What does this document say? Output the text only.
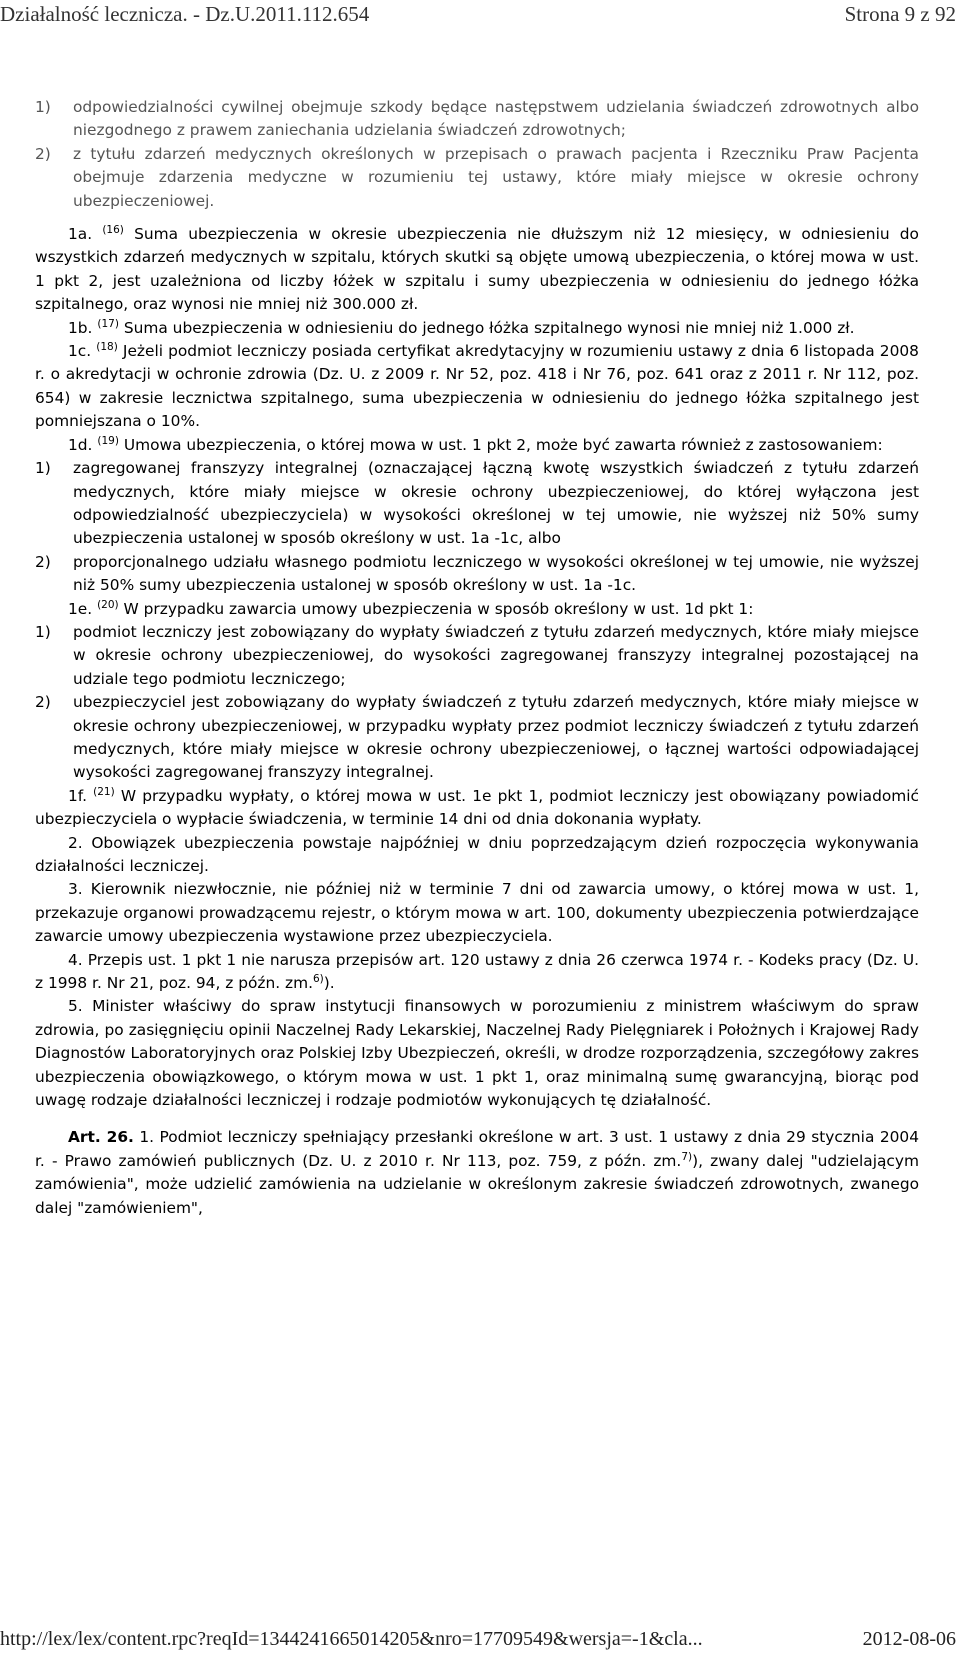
Działalność lecznicza. - Dz.U.2011.112.654	Strona 9 z 92
1)	odpowiedzialności cywilnej obejmuje szkody będące następstwem udzielania świadczeń zdrowotnych albo niezgodnego z prawem zaniechania udzielania świadczeń zdrowotnych;
2)	z tytułu zdarzeń medycznych określonych w przepisach o prawach pacjenta i Rzeczniku Praw Pacjenta obejmuje zdarzenia medyczne w rozumieniu tej ustawy, które miały miejsce w okresie ochrony ubezpieczeniowej.

1a. $^{(16)}$ Suma ubezpieczenia w okresie ubezpieczenia nie dłuższym niż 12 miesięcy, w odniesieniu do wszystkich zdarzeń medycznych w szpitalu, których skutki są objęte umową ubezpieczenia, o której mowa w ust. 1 pkt 2, jest uzależniona od liczby łóżek w szpitalu i sumy ubezpieczenia w odniesieniu do jednego łóżka szpitalnego, oraz wynosi nie mniej niż 300.000 zł.

1b. $^{(17)}$ Suma ubezpieczenia w odniesieniu do jednego łóżka szpitalnego wynosi nie mniej niż 1.000 zł.

1c. $^{(18)}$ Jeżeli podmiot leczniczy posiada certyfikat akredytacyjny w rozumieniu ustawy z dnia 6 listopada 2008 r. o akredytacji w ochronie zdrowia (Dz. U. z 2009 r. Nr 52, poz. 418 i Nr 76, poz. 641 oraz z 2011 r. Nr 112, poz. 654) w zakresie lecznictwa szpitalnego, suma ubezpieczenia w odniesieniu do jednego łóżka szpitalnego jest pomniejszana o 10%.

1d. $^{(19)}$ Umowa ubezpieczenia, o której mowa w ust. 1 pkt 2, może być zawarta również z zastosowaniem:

1)	zagregowanej franszyzy integralnej (oznaczającej łączną kwotę wszystkich świadczeń z tytułu zdarzeń medycznych, które miały miejsce w okresie ochrony ubezpieczeniowej, do której wyłączona jest odpowiedzialność ubezpieczyciela) w wysokości określonej w tej umowie, nie wyższej niż 50% sumy ubezpieczenia ustalonej w sposób określony w ust. 1a -1c, albo
2)	proporcjonalnego udziału własnego podmiotu leczniczego w wysokości określonej w tej umowie, nie wyższej niż 50% sumy ubezpieczenia ustalonej w sposób określony w ust. 1a -1c.

1e. $^{(20)}$ W przypadku zawarcia umowy ubezpieczenia w sposób określony w ust. 1d pkt 1:

1)	podmiot leczniczy jest zobowiązany do wypłaty świadczeń z tytułu zdarzeń medycznych, które miały miejsce w okresie ochrony ubezpieczeniowej, do wysokości zagregowanej franszyzy integralnej pozostającej na udziale tego podmiotu leczniczego;
2)	ubezpieczyciel jest zobowiązany do wypłaty świadczeń z tytułu zdarzeń medycznych, które miały miejsce w okresie ochrony ubezpieczeniowej, w przypadku wypłaty przez podmiot leczniczy świadczeń z tytułu zdarzeń medycznych, które miały miejsce w okresie ochrony ubezpieczeniowej, o łącznej wartości odpowiadającej wysokości zagregowanej franszyzy integralnej.

1f. $^{(21)}$ W przypadku wypłaty, o której mowa w ust. 1e pkt 1, podmiot leczniczy jest obowiązany powiadomić ubezpieczyciela o wypłacie świadczenia, w terminie 14 dni od dnia dokonania wypłaty.

2. Obowiązek ubezpieczenia powstaje najpóźniej w dniu poprzedzającym dzień rozpoczęcia wykonywania działalności leczniczej.

3. Kierownik niezwłocznie, nie później niż w terminie 7 dni od zawarcia umowy, o której mowa w ust. 1, przekazuje organowi prowadzącemu rejestr, o którym mowa w art. 100, dokumenty ubezpieczenia potwierdzające zawarcie umowy ubezpieczenia wystawione przez ubezpieczyciela.

4. Przepis ust. 1 pkt 1 nie narusza przepisów art. 120 ustawy z dnia 26 czerwca 1974 r. - Kodeks pracy (Dz. U. z 1998 r. Nr 21, poz. 94, z późn. zm.$^{6)}$).

5. Minister właściwy do spraw instytucji finansowych w porozumieniu z ministrem właściwym do spraw zdrowia, po zasięgnięciu opinii Naczelnej Rady Lekarskiej, Naczelnej Rady Pielęgniarek i Położnych i Krajowej Rady Diagnostów Laboratoryjnych oraz Polskiej Izby Ubezpieczeń, określi, w drodze rozporządzenia, szczegółowy zakres ubezpieczenia obowiązkowego, o którym mowa w ust. 1 pkt 1, oraz minimalną sumę gwarancyjną, biorąc pod uwagę rodzaje działalności leczniczej i rodzaje podmiotów wykonujących tę działalność.

Art. 26. 1. Podmiot leczniczy spełniający przesłanki określone w art. 3 ust. 1 ustawy z dnia 29 stycznia 2004 r. - Prawo zamówień publicznych (Dz. U. z 2010 r. Nr 113, poz. 759, z późn. zm.$^{7)}$), zwany dalej "udzielającym zamówienia", może udzielić zamówienia na udzielanie w określonym zakresie świadczeń zdrowotnych, zwanego dalej "zamówieniem",

http://lex/lex/content.rpc?reqId=1344241665014205&nro=17709549&wersja=-1&cla...	2012-08-06
